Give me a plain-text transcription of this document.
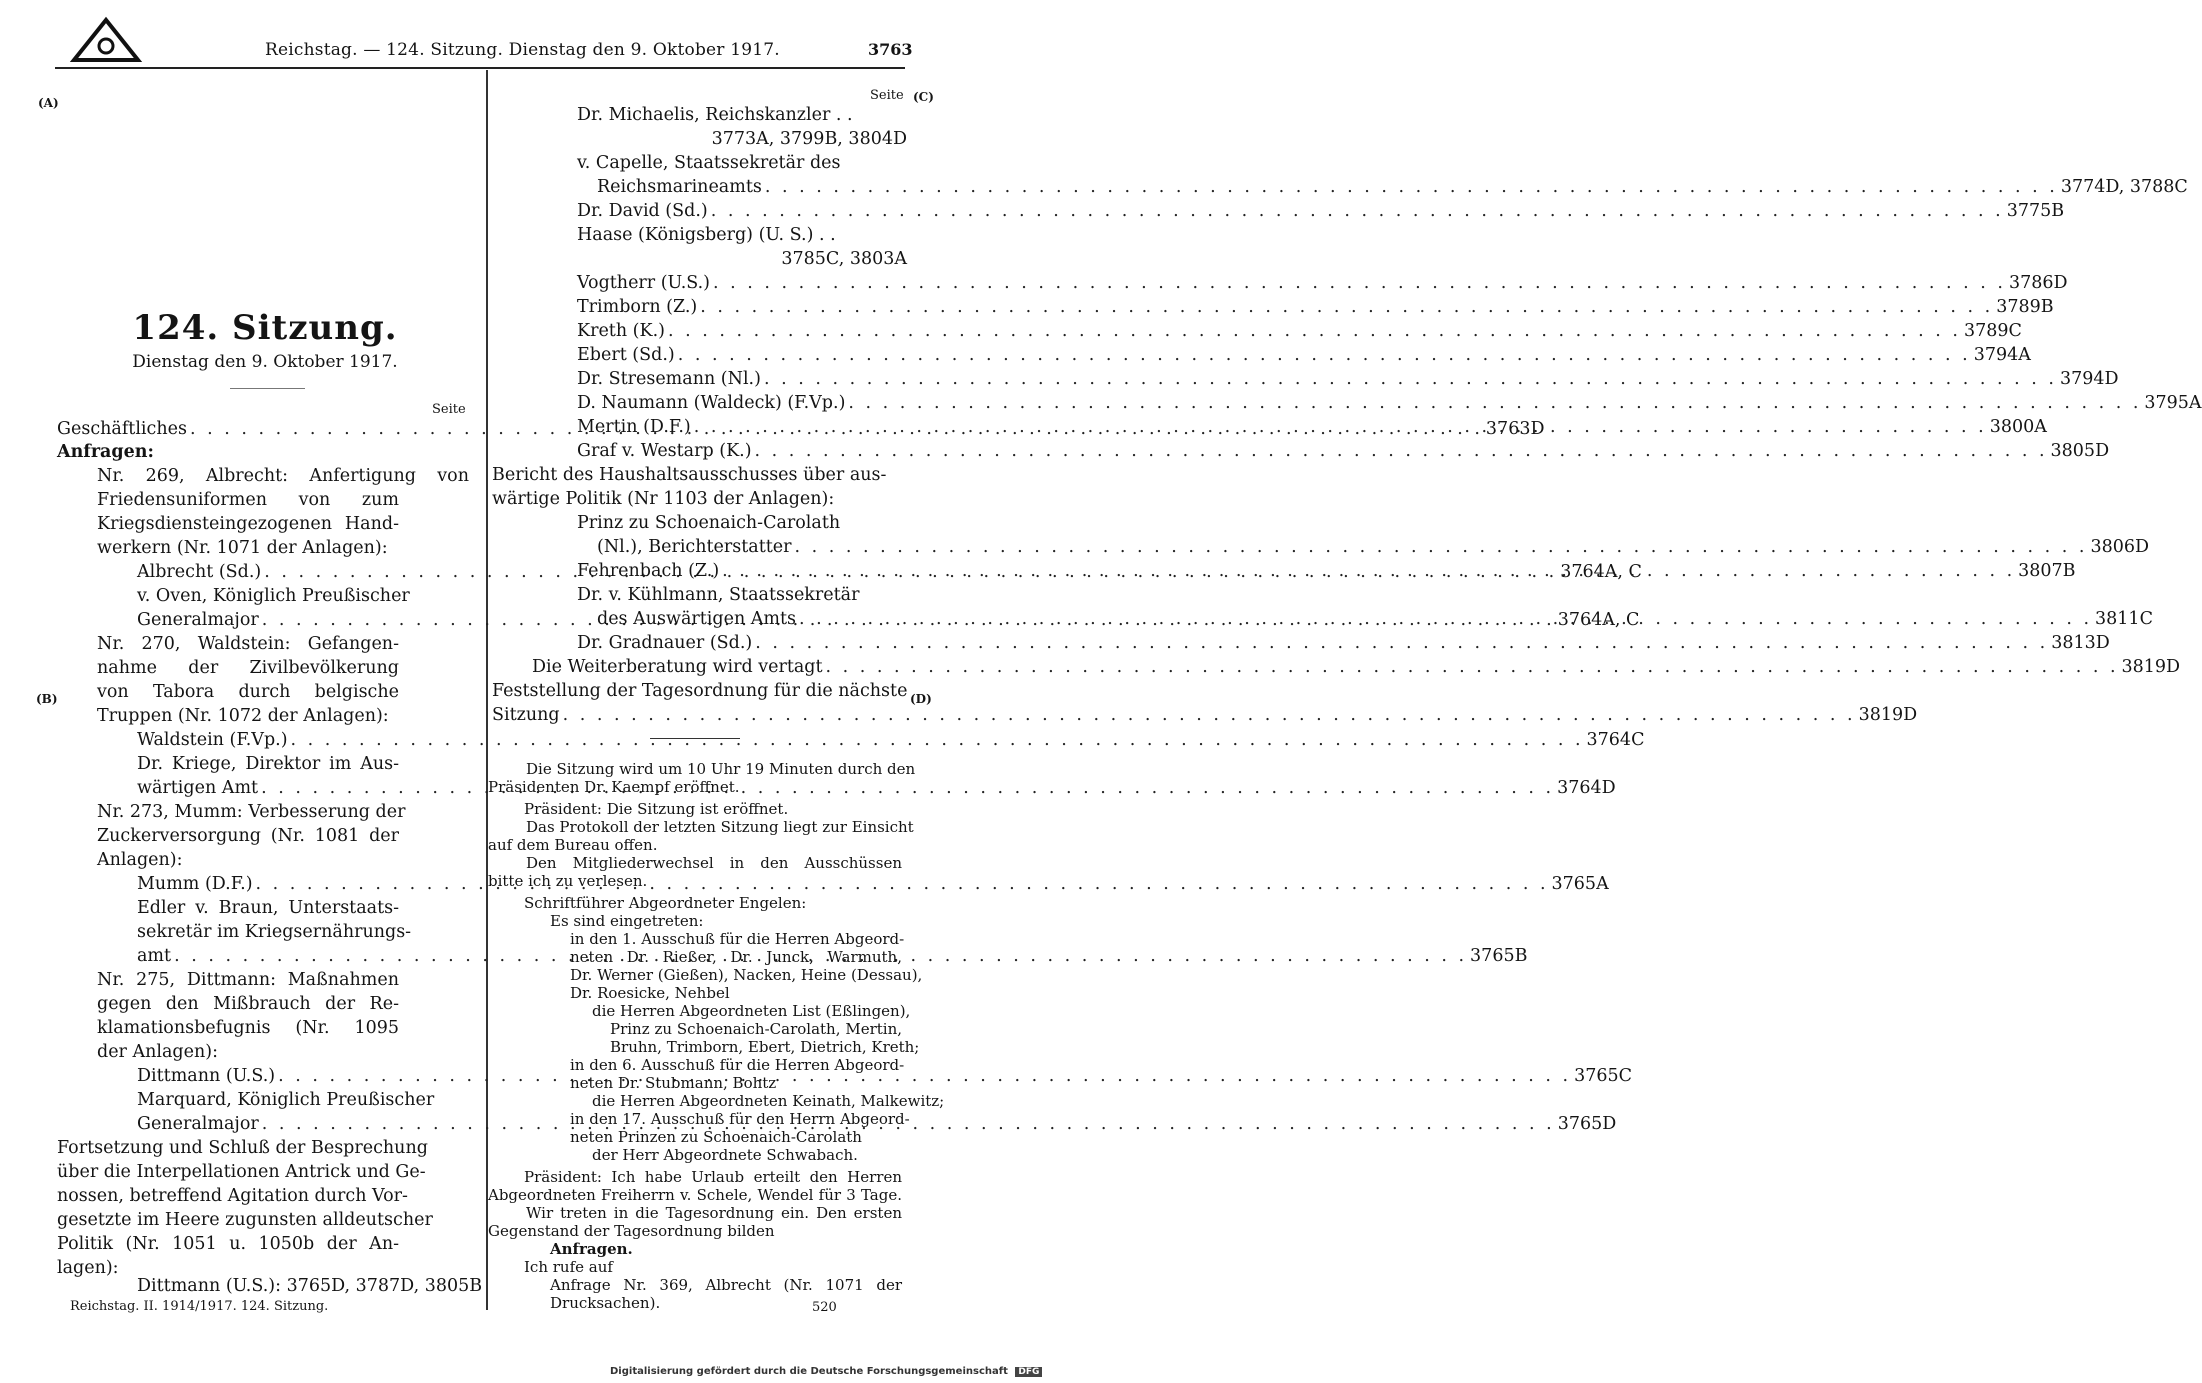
Reichstag. — 124. Sitzung. Dienstag den 9. Oktober 1917.	3763
(A)
(B)
(C)
(D)
Seite
124. Sitzung.
Dienstag den 9. Oktober 1917.
Seite
Geschäftliches . . .	3763D
Anfragen:
Nr. 269, Albrecht: Anfertigung von
Friedensuniformen von zum
Kriegsdiensteingezogenen Hand-
werkern (Nr. 1071 der Anlagen):
Albrecht (Sd.) . . .	3764A, C
v. Oven, Königlich Preußischer
Generalmajor . . .	3764A, C
Nr. 270, Waldstein: Gefangen-
nahme der Zivilbevölkerung
von Tabora durch belgische
Truppen (Nr. 1072 der Anlagen):
Waldstein (F.Vp.) . . .	3764C
Dr. Kriege, Direktor im Aus-
wärtigen Amt . . .	3764D
Nr. 273, Mumm: Verbesserung der
Zuckerversorgung (Nr. 1081 der
Anlagen):
Mumm (D.F.) . . .	3765A
Edler v. Braun, Unterstaats-
sekretär im Kriegsernährungs-
amt . . .	3765B
Nr. 275, Dittmann: Maßnahmen
gegen den Mißbrauch der Re-
klamationsbefugnis (Nr. 1095
der Anlagen):
Dittmann (U.S.) . . .	3765C
Marquard, Königlich Preußischer
Generalmajor . . .	3765D
Fortsetzung und Schluß der Besprechung
über die Interpellationen Antrick und Ge-
nossen, betreffend Agitation durch Vor-
gesetzte im Heere zugunsten alldeutscher
Politik (Nr. 1051 u. 1050b der An-
lagen):
Dittmann (U.S.): 3765D, 3787D, 3805B
Dr. Michaelis, Reichskanzler . .
3773A, 3799B, 3804D
v. Capelle, Staatssekretär des
Reichsmarineamts . . .	3774D, 3788C
Dr. David (Sd.) . . .	3775B
Haase (Königsberg) (U. S.) . .
3785C, 3803A
Vogtherr (U.S.) . . .	3786D
Trimborn (Z.) . . .	3789B
Kreth (K.) . . .	3789C
Ebert (Sd.) . . .	3794A
Dr. Stresemann (Nl.) . . .	3794D
D. Naumann (Waldeck) (F.Vp.) . . .	3795A
Mertin (D.F.) . . .	3800A
Graf v. Westarp (K.) . . .	3805D
Bericht des Haushaltsausschusses über aus-
wärtige Politik (Nr 1103 der Anlagen):
Prinz zu Schoenaich-Carolath
(Nl.), Berichterstatter . . .	3806D
Fehrenbach (Z.) . . .	3807B
Dr. v. Kühlmann, Staatssekretär
des Auswärtigen Amts . . .	3811C
Dr. Gradnauer (Sd.) . . .	3813D
Die Weiterberatung wird vertagt . . .	3819D
Feststellung der Tagesordnung für die nächste
Sitzung . . .	3819D
Die Sitzung wird um 10 Uhr 19 Minuten durch den
Präsidenten Dr. Kaempf eröffnet.
Präsident: Die Sitzung ist eröffnet.
Das Protokoll der letzten Sitzung liegt zur Einsicht
auf dem Bureau offen.
Den Mitgliederwechsel in den Ausschüssen
bitte ich zu verlesen.
Schriftführer Abgeordneter Engelen:
Es sind eingetreten:
in den 1. Ausschuß für die Herren Abgeord-
neten Dr. Rießer, Dr. Junck, Warmuth,
Dr. Werner (Gießen), Nacken, Heine (Dessau),
Dr. Roesicke, Nehbel
die Herren Abgeordneten List (Eßlingen),
Prinz zu Schoenaich-Carolath, Mertin,
Bruhn, Trimborn, Ebert, Dietrich, Kreth;
in den 6. Ausschuß für die Herren Abgeord-
neten Dr. Stubmann, Bohtz
die Herren Abgeordneten Keinath, Malkewitz;
in den 17. Ausschuß für den Herrn Abgeord-
neten Prinzen zu Schoenaich-Carolath
der Herr Abgeordnete Schwabach.
Präsident: Ich habe Urlaub erteilt den Herren
Abgeordneten Freiherrn v. Schele, Wendel für 3 Tage.
Wir treten in die Tagesordnung ein. Den ersten
Gegenstand der Tagesordnung bilden
Anfragen.
Ich rufe auf
Anfrage Nr. 369, Albrecht (Nr. 1071 der
Drucksachen).
Reichstag. II. 1914/1917. 124. Sitzung.	520
Digitalisierung gefördert durch die Deutsche Forschungsgemeinschaft DFG
